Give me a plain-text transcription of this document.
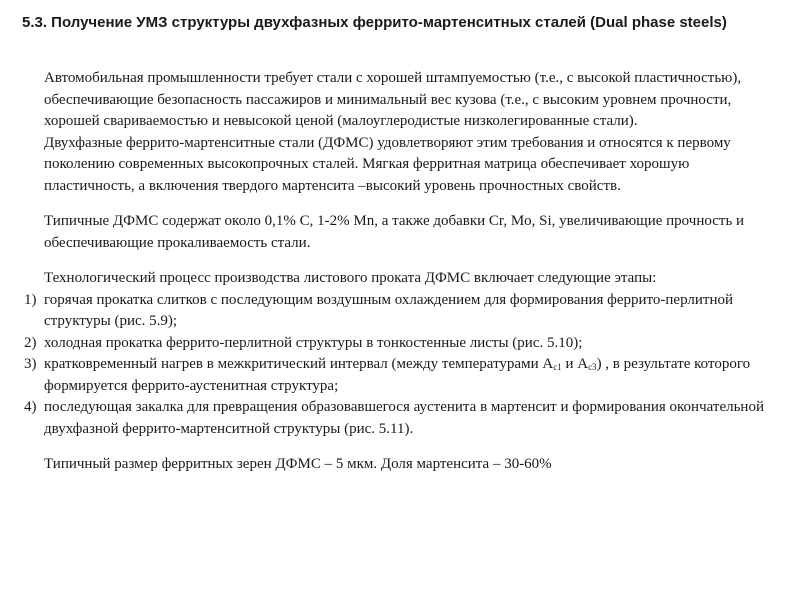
5.3. Получение УМЗ структуры двухфазных феррито-мартенситных сталей (Dual phase steels)

Автомобильная промышленности требует стали с хорошей штампуемостью (т.е., с высокой пластичностью), обеспечивающие безопасность пассажиров и минимальный вес кузова (т.е., с высоким уровнем прочности, хорошей свариваемостью и невысокой ценой (малоуглеродистые низколегированные стали).

Двухфазные феррито-мартенситные стали (ДФМС) удовлетворяют этим требования и относятся к первому поколению современных высокопрочных сталей. Мягкая ферритная матрица обеспечивает хорошую пластичность, а включения твердого мартенсита –высокий уровень прочностных свойств.

Типичные ДФМС содержат около 0,1% С, 1-2% Mn, а также добавки Cr, Mo, Si, увеличивающие прочность и обеспечивающие прокаливаемость стали.

Технологический процесс производства листового проката ДФМС включает следующие этапы:

1) горячая прокатка слитков с последующим воздушным охлаждением для формирования феррито-перлитной структуры (рис. 5.9);
2) холодная прокатка феррито-перлитной структуры в тонкостенные листы (рис. 5.10);
3) кратковременный нагрев в межкритический интервал (между температурами $А_{с1}$ и $А_{с3}$) , в результате которого формируется феррито-аустенитная структура;
4) последующая закалка для превращения образовавшегося аустенита в мартенсит и формирования окончательной двухфазной феррито-мартенситной структуры (рис. 5.11).

Типичный размер ферритных зерен ДФМС – 5 мкм. Доля мартенсита – 30-60%
